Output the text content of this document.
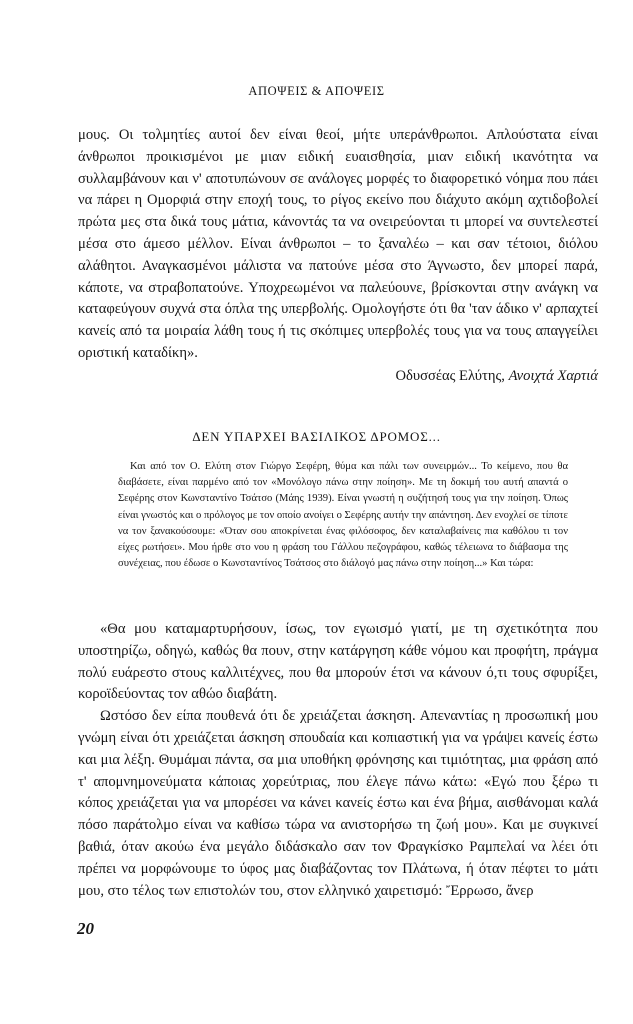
ΑΠΟΨΕΙΣ & ΑΠΟΨΕΙΣ

μους. Οι τολμητίες αυτοί δεν είναι θεοί, μήτε υπεράνθρωποι. Απλούστατα είναι άνθρωποι προικισμένοι με μιαν ειδική ευαισθησία, μιαν ειδική ικανότητα να συλλαμβάνουν και ν' αποτυπώνουν σε ανάλογες μορφές το διαφορετικό νόημα που πάει να πάρει η Ομορφιά στην εποχή τους, το ρίγος εκείνο που διάχυτο ακόμη αχτιδοβολεί πρώτα μες στα δικά τους μάτια, κάνοντάς τα να ονειρεύονται τι μπορεί να συντελεστεί μέσα στο άμεσο μέλλον. Είναι άνθρωποι – το ξαναλέω – και σαν τέτοιοι, διόλου αλάθητοι. Αναγκασμένοι μάλιστα να πατούνε μέσα στο Άγνωστο, δεν μπορεί παρά, κάποτε, να στραβοπατούνε. Υποχρεωμένοι να παλεύουνε, βρίσκονται στην ανάγκη να καταφεύγουν συχνά στα όπλα της υπερβολής. Ομολογήστε ότι θα 'ταν άδικο ν' αρπαχτεί κανείς από τα μοιραία λάθη τους ή τις σκόπιμες υπερβολές τους για να τους απαγγείλει οριστική καταδίκη».

Οδυσσέας Ελύτης, Ανοιχτά Χαρτιά

ΔΕΝ ΥΠΑΡΧΕΙ ΒΑΣΙΛΙΚΟΣ ΔΡΟΜΟΣ...

Και από τον Ο. Ελύτη στον Γιώργο Σεφέρη, θύμα και πάλι των συνειρμών... Το κείμενο, που θα διαβάσετε, είναι παρμένο από τον «Μονόλογο πάνω στην ποίηση». Με τη δοκιμή του αυτή απαντά ο Σεφέρης στον Κωνσταντίνο Τσάτσο (Μάης 1939). Είναι γνωστή η συζήτησή τους για την ποίηση. Όπως είναι γνωστός και ο πρόλογος με τον οποίο ανοίγει ο Σεφέρης αυτήν την απάντηση. Δεν ενοχλεί σε τίποτε να τον ξανακούσουμε: «Όταν σου αποκρίνεται ένας φιλόσοφος, δεν καταλαβαίνεις πια καθόλου τι τον είχες ρωτήσει». Μου ήρθε στο νου η φράση του Γάλλου πεζογράφου, καθώς τέλειωνα το διάβασμα της συνέχειας, που έδωσε ο Κωνσταντίνος Τσάτσος στο διάλογό μας πάνω στην ποίηση...» Και τώρα:

«Θα μου καταμαρτυρήσουν, ίσως, τον εγωισμό γιατί, με τη σχετικότητα που υποστηρίζω, οδηγώ, καθώς θα πουν, στην κατάργηση κάθε νόμου και προφήτη, πράγμα πολύ ευάρεστο στους καλλιτέχνες, που θα μπορούν έτσι να κάνουν ό,τι τους σφυρίξει, κοροϊδεύοντας τον αθώο διαβάτη.

Ωστόσο δεν είπα πουθενά ότι δε χρειάζεται άσκηση. Απεναντίας η προσωπική μου γνώμη είναι ότι χρειάζεται άσκηση σπουδαία και κοπιαστική για να γράψει κανείς έστω και μια λέξη. Θυμάμαι πάντα, σα μια υποθήκη φρόνησης και τιμιότητας, μια φράση από τ' απομνημονεύματα κάποιας χορεύτριας, που έλεγε πάνω κάτω: «Εγώ που ξέρω τι κόπος χρειάζεται για να μπορέσει να κάνει κανείς έστω και ένα βήμα, αισθάνομαι καλά πόσο παράτολμο είναι να καθίσω τώρα να ανιστορήσω τη ζωή μου». Και με συγκινεί βαθιά, όταν ακούω ένα μεγάλο διδάσκαλο σαν τον Φραγκίσκο Ραμπελαί να λέει ότι πρέπει να μορφώνουμε το ύφος μας διαβάζοντας τον Πλάτωνα, ή όταν πέφτει το μάτι μου, στο τέλος των επιστολών του, στον ελληνικό χαιρετισμό: Ἔρρωσο, ἄνερ

20
